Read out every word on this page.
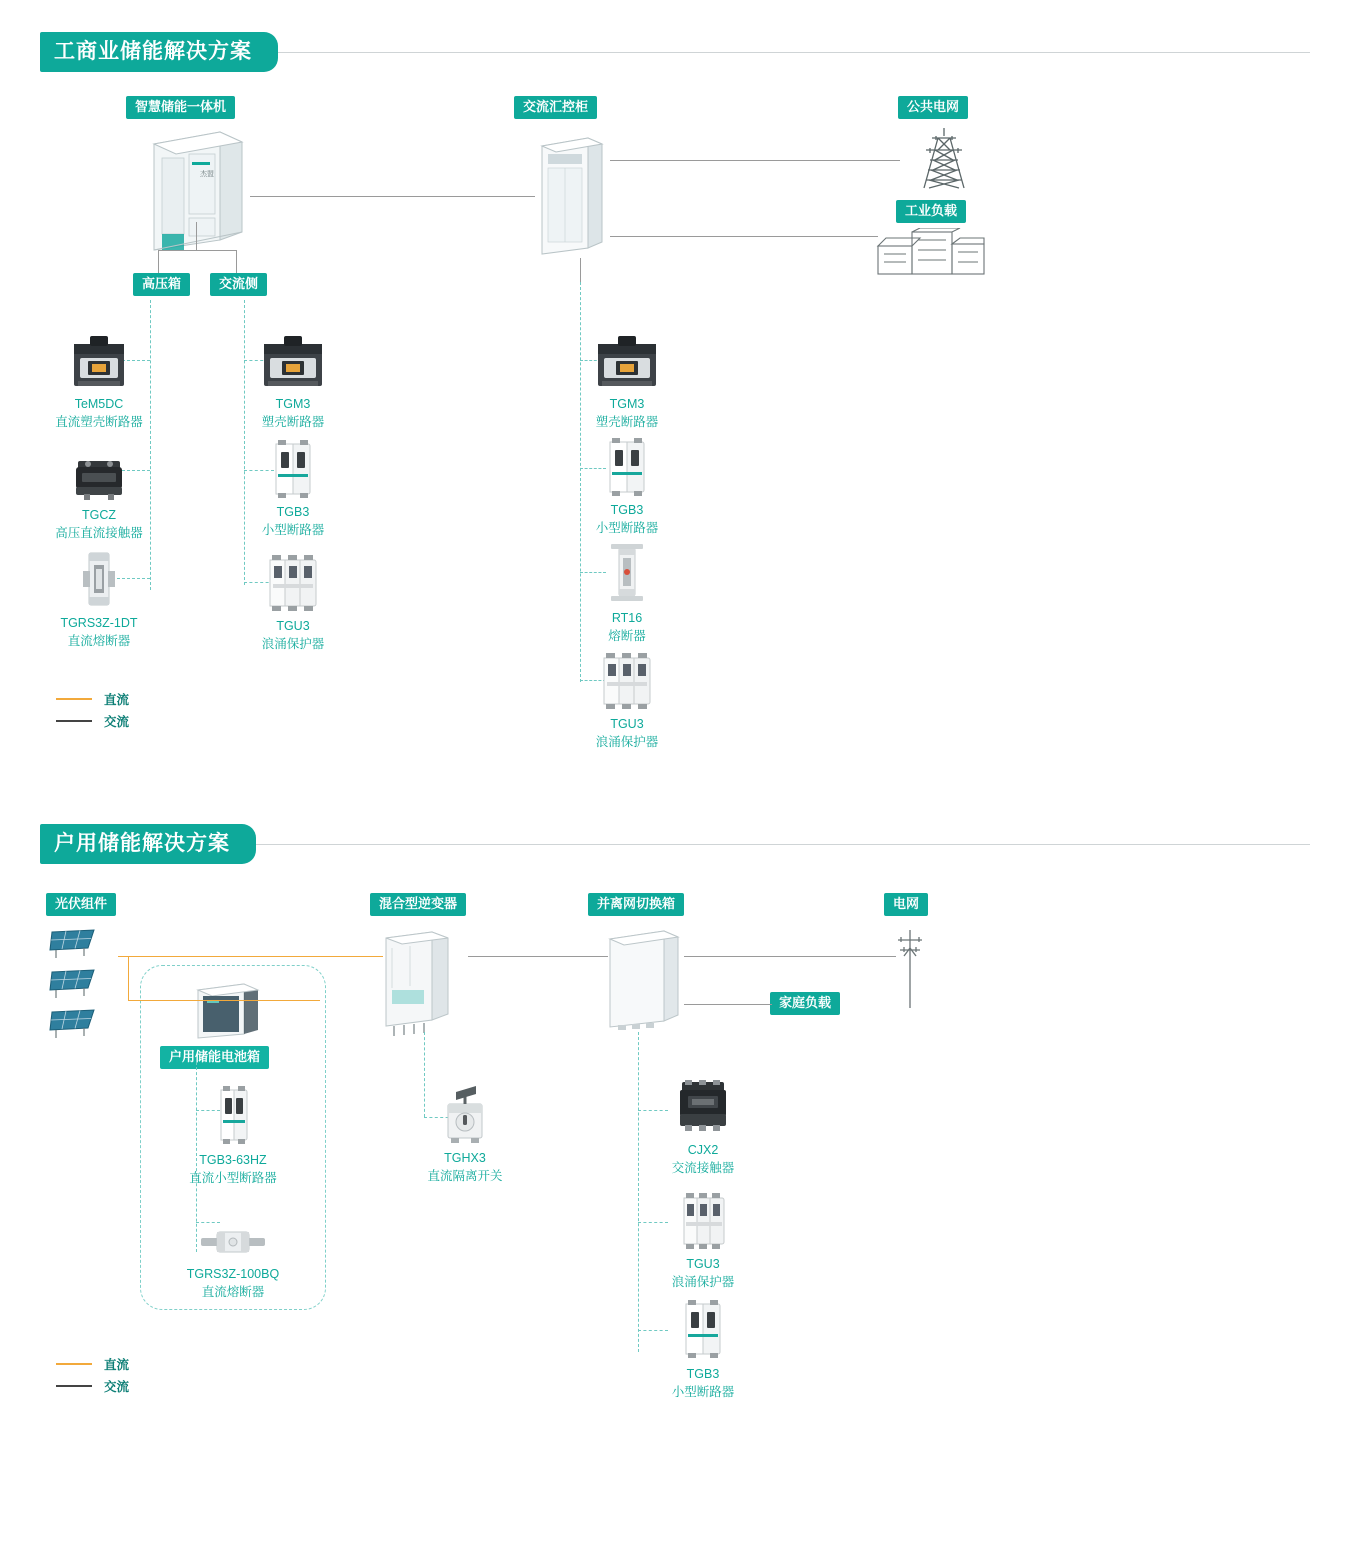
工商业储能解决方案
智慧储能一体机	交流汇控柜	公共电网
工业负载
杰盟
高压箱	交流侧
TeM5DC
直流塑壳断路器
TGCZ
高压直流接触器
TGRS3Z-1DT
直流熔断器
TGM3
塑壳断路器
TGB3
小型断路器
TGU3
浪涌保护器
TGM3
塑壳断路器
TGB3
小型断路器
RT16
熔断器
TGU3
浪涌保护器
直流
交流
户用储能解决方案
光伏组件	混合型逆变器	并离网切换箱	电网
家庭负载
户用储能电池箱
TGB3-63HZ
直流小型断路器
TGRS3Z-100BQ
直流熔断器
TGHX3
直流隔离开关
CJX2
交流接触器
TGU3
浪涌保护器
TGB3
小型断路器
直流
交流
